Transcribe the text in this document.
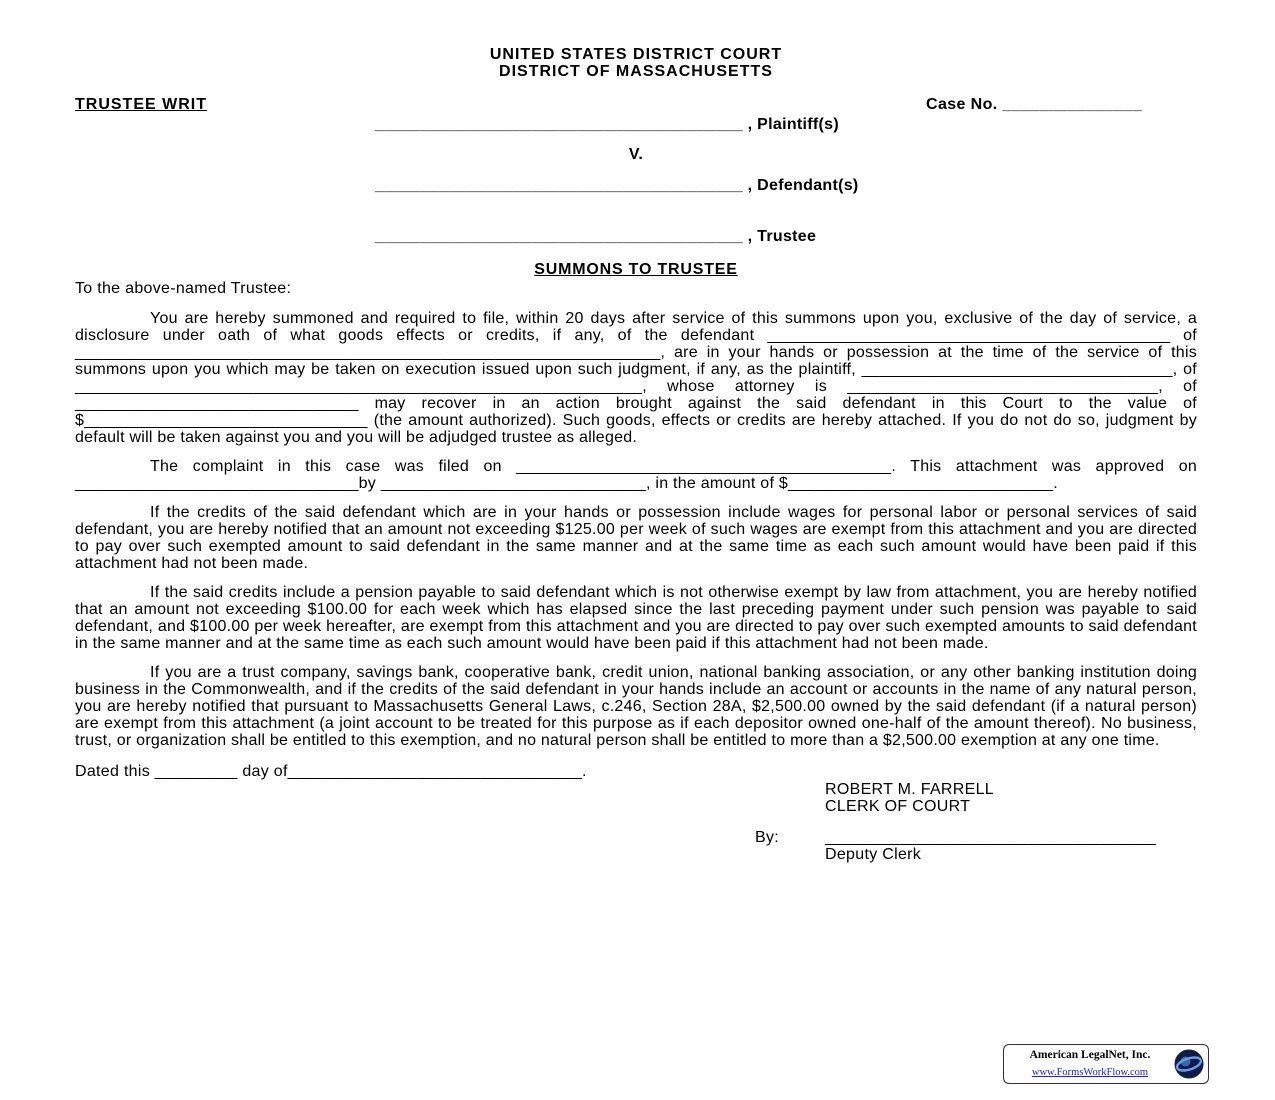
UNITED STATES DISTRICT COURT
DISTRICT OF MASSACHUSETTS
TRUSTEE WRIT	Case No. _______________
________________________________________ , Plaintiff(s)
V.
________________________________________ , Defendant(s)
________________________________________ , Trustee
SUMMONS TO TRUSTEE
To the above-named Trustee:

You are hereby summoned and required to file, within 20 days after service of this summons upon you, exclusive of the day of service, a disclosure under oath of what goods effects or credits, if any, of the defendant ____________________________________________ of ________________________________________________________________, are in your hands or possession at the time of the service of this summons upon you which may be taken on execution issued upon such judgment, if any, as the plaintiff, __________________________________, of ______________________________________________________________, whose attorney is __________________________________, of _______________________________ may recover in an action brought against the said defendant in this Court to the value of $_______________________________ (the amount authorized). Such goods, effects or credits are hereby attached. If you do not do so, judgment by default will be taken against you and you will be adjudged trustee as alleged.

The complaint in this case was filed on _________________________________________. This attachment was approved on _______________________________by _____________________________, in the amount of $_____________________________.

If the credits of the said defendant which are in your hands or possession include wages for personal labor or personal services of said defendant, you are hereby notified that an amount not exceeding $125.00 per week of such wages are exempt from this attachment and you are directed to pay over such exempted amount to said defendant in the same manner and at the same time as each such amount would have been paid if this attachment had not been made.

If the said credits include a pension payable to said defendant which is not otherwise exempt by law from attachment, you are hereby notified that an amount not exceeding $100.00 for each week which has elapsed since the last preceding payment under such pension was payable to said defendant, and $100.00 per week hereafter, are exempt from this attachment and you are directed to pay over such exempted amounts to said defendant in the same manner and at the same time as each such amount would have been paid if this attachment had not been made.

If you are a trust company, savings bank, cooperative bank, credit union, national banking association, or any other banking institution doing business in the Commonwealth, and if the credits of the said defendant in your hands include an account or accounts in the name of any natural person, you are hereby notified that pursuant to Massachusetts General Laws, c.246, Section 28A, $2,500.00 owned by the said defendant (if a natural person) are exempt from this attachment (a joint account to be treated for this purpose as if each depositor owned one-half of the amount thereof). No business, trust, or organization shall be entitled to this exemption, and no natural person shall be entitled to more than a $2,500.00 exemption at any one time.

Dated this _________ day of________________________________.
ROBERT M. FARRELL
CLERK OF COURT
By:	____________________________________
Deputy Clerk
American LegalNet, Inc.
www.FormsWorkFlow.com
